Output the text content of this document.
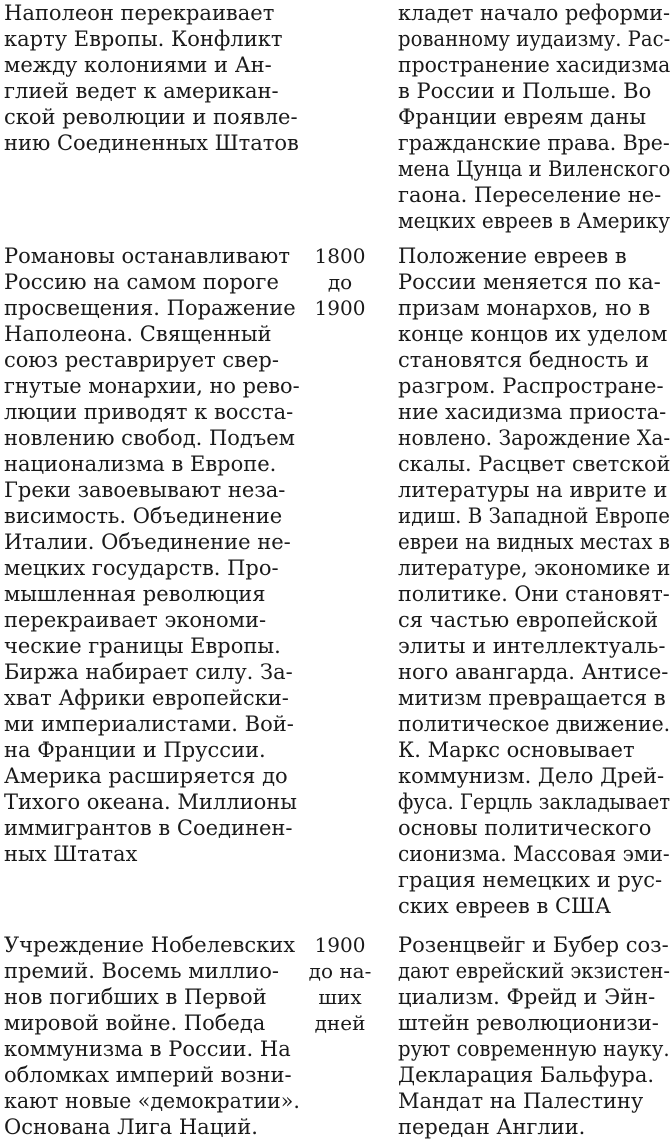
Наполеон перекраивает
карту Европы. Конфликт
между колониями и Ан-
глией ведет к американ-
ской революции и появле-
нию Соединенных Штатов
кладет начало реформи-
рованному иудаизму. Рас-
пространение хасидизма
в России и Польше. Во
Франции евреям даны
гражданские права. Вре-
мена Цунца и Виленского
гаона. Переселение не-
мецких евреев в Америку
Романовы останавливают
Россию на самом пороге
просвещения. Поражение
Наполеона. Священный
союз реставрирует свер-
гнутые монархии, но рево-
люции приводят к восста-
новлению свобод. Подъем
национализма в Европе.
Греки завоевывают неза-
висимость. Объединение
Италии. Объединение не-
мецких государств. Про-
мышленная революция
перекраивает экономи-
ческие границы Европы.
Биржа набирает силу. За-
хват Африки европейски-
ми империалистами. Вой-
на Франции и Пруссии.
Америка расширяется до
Тихого океана. Миллионы
иммигрантов в Соединен-
ных Штатах
1800
до
1900
Положение евреев в
России меняется по ка-
призам монархов, но в
конце концов их уделом
становятся бедность и
разгром. Распростране-
ние хасидизма приоста-
новлено. Зарождение Ха-
скалы. Расцвет светской
литературы на иврите и
идиш. В Западной Европе
евреи на видных местах в
литературе, экономике и
политике. Они становят-
ся частью европейской
элиты и интеллектуаль-
ного авангарда. Антисе-
митизм превращается в
политическое движение.
К. Маркс основывает
коммунизм. Дело Дрей-
фуса. Герцль закладывает
основы политического
сионизма. Массовая эми-
грация немецких и рус-
ских евреев в США
Учреждение Нобелевских
премий. Восемь миллио-
нов погибших в Первой
мировой войне. Победа
коммунизма в России. На
обломках империй возни-
кают новые «демократии».
Основана Лига Наций.
1900
до на-
ших
дней
Розенцвейг и Бубер соз-
дают еврейский экзистен-
циализм. Фрейд и Эйн-
штейн революционизи-
руют современную науку.
Декларация Бальфура.
Мандат на Палестину
передан Англии.
